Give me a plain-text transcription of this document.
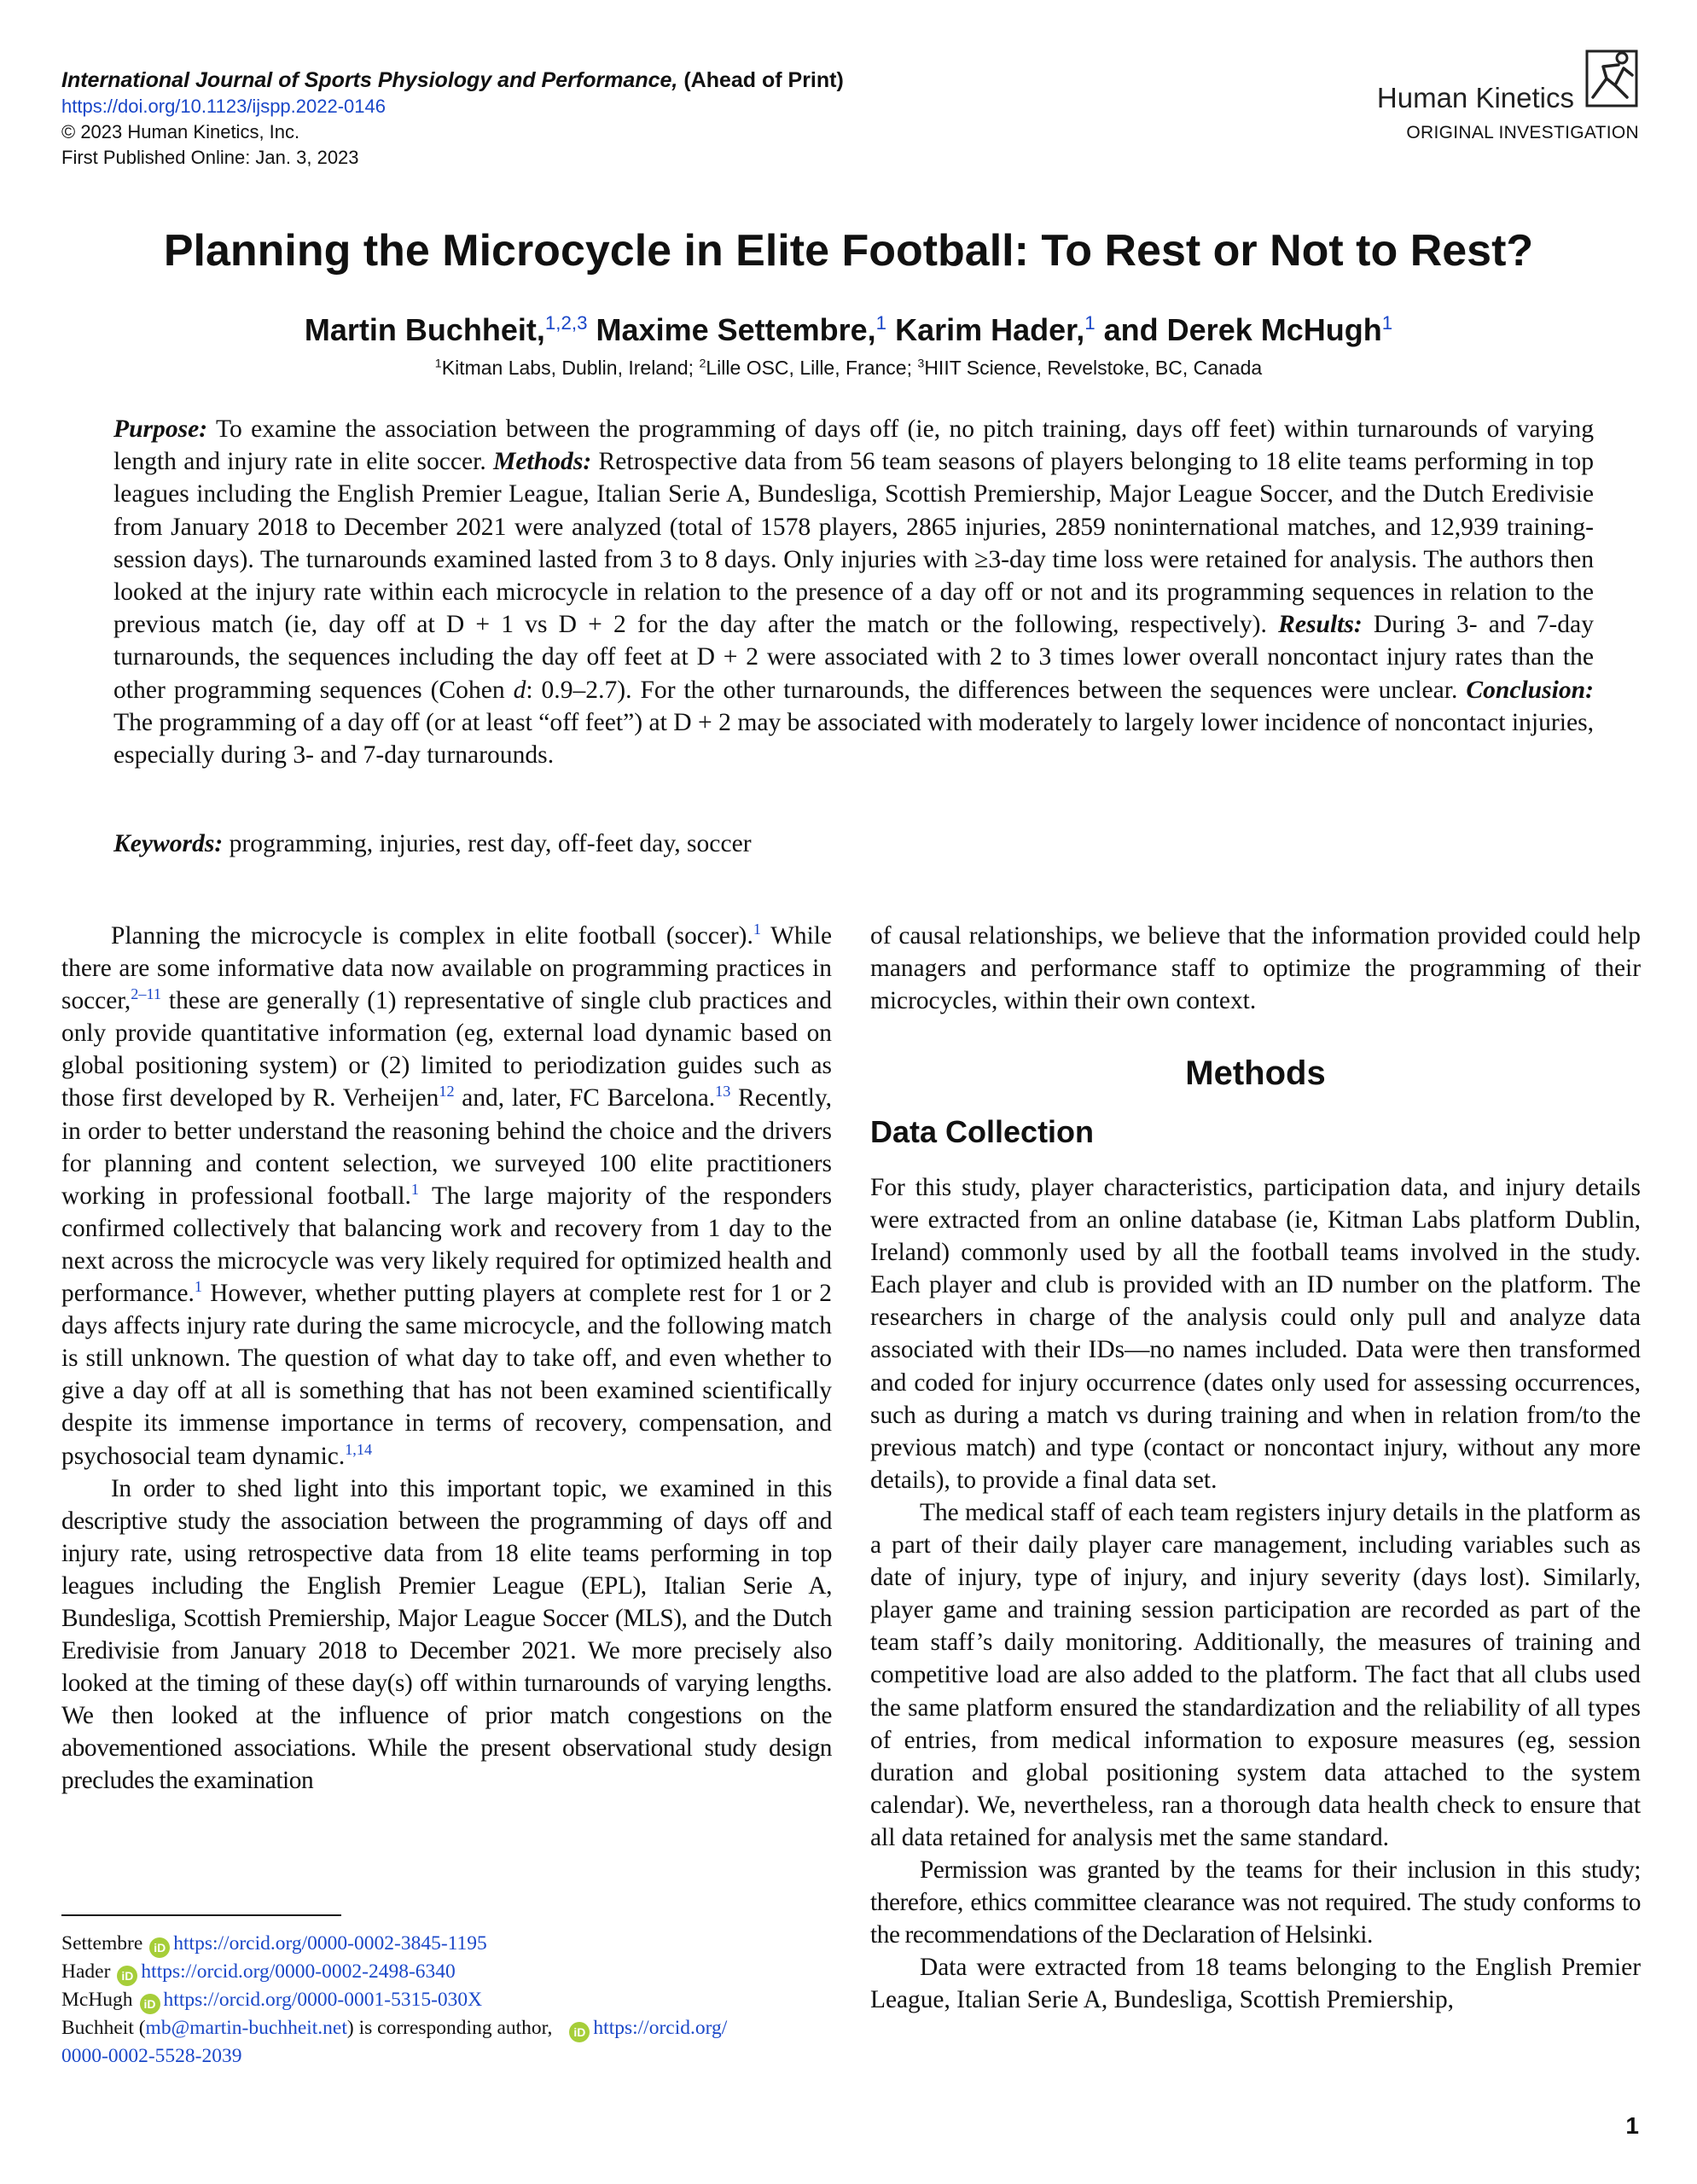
International Journal of Sports Physiology and Performance, (Ahead of Print)
https://doi.org/10.1123/ijspp.2022-0146
© 2023 Human Kinetics, Inc.
First Published Online: Jan. 3, 2023
Human Kinetics
ORIGINAL INVESTIGATION
Planning the Microcycle in Elite Football: To Rest or Not to Rest?
Martin Buchheit,$^{1,2,3}$ Maxime Settembre,$^1$ Karim Hader,$^1$ and Derek McHugh$^1$
$^1$Kitman Labs, Dublin, Ireland; $^2$Lille OSC, Lille, France; $^3$HIIT Science, Revelstoke, BC, Canada
Purpose: To examine the association between the programming of days off (ie, no pitch training, days off feet) within turnarounds of varying length and injury rate in elite soccer. Methods: Retrospective data from 56 team seasons of players belonging to 18 elite teams performing in top leagues including the English Premier League, Italian Serie A, Bundesliga, Scottish Premiership, Major League Soccer, and the Dutch Eredivisie from January 2018 to December 2021 were analyzed (total of 1578 players, 2865 injuries, 2859 noninternational matches, and 12,939 training-session days). The turnarounds examined lasted from 3 to 8 days. Only injuries with ≥3-day time loss were retained for analysis. The authors then looked at the injury rate within each microcycle in relation to the presence of a day off or not and its programming sequences in relation to the previous match (ie, day off at D + 1 vs D + 2 for the day after the match or the following, respectively). Results: During 3- and 7-day turnarounds, the sequences including the day off feet at D + 2 were associated with 2 to 3 times lower overall noncontact injury rates than the other programming sequences (Cohen d: 0.9–2.7). For the other turnarounds, the differences between the sequences were unclear. Conclusion: The programming of a day off (or at least “off feet”) at D + 2 may be associated with moderately to largely lower incidence of noncontact injuries, especially during 3- and 7-day turnarounds.
Keywords: programming, injuries, rest day, off-feet day, soccer

Planning the microcycle is complex in elite football (soccer).$^1$ While there are some informative data now available on programming practices in soccer,$^{2-11}$ these are generally (1) representative of single club practices and only provide quantitative information (eg, external load dynamic based on global positioning system) or (2) limited to periodization guides such as those first developed by R. Verheijen$^{12}$ and, later, FC Barcelona.$^{13}$ Recently, in order to better understand the reasoning behind the choice and the drivers for planning and content selection, we surveyed 100 elite practitioners working in professional football.$^1$ The large majority of the responders confirmed collectively that balancing work and recovery from 1 day to the next across the microcycle was very likely required for optimized health and performance.$^1$ However, whether putting players at complete rest for 1 or 2 days affects injury rate during the same microcycle, and the following match is still unknown. The question of what day to take off, and even whether to give a day off at all is something that has not been examined scientifically despite its immense importance in terms of recovery, compensation, and psychosocial team dynamic.$^{1,14}$

In order to shed light into this important topic, we examined in this descriptive study the association between the programming of days off and injury rate, using retrospective data from 18 elite teams performing in top leagues including the English Premier League (EPL), Italian Serie A, Bundesliga, Scottish Premiership, Major League Soccer (MLS), and the Dutch Eredivisie from January 2018 to December 2021. We more precisely also looked at the timing of these day(s) off within turnarounds of varying lengths. We then looked at the influence of prior match congestions on the abovementioned associations. While the present observational study design precludes the examination

of causal relationships, we believe that the information provided could help managers and performance staff to optimize the programming of their microcycles, within their own context.

Methods
Data Collection

For this study, player characteristics, participation data, and injury details were extracted from an online database (ie, Kitman Labs platform Dublin, Ireland) commonly used by all the football teams involved in the study. Each player and club is provided with an ID number on the platform. The researchers in charge of the analysis could only pull and analyze data associated with their IDs—no names included. Data were then transformed and coded for injury occurrence (dates only used for assessing occurrences, such as during a match vs during training and when in relation from/to the previous match) and type (contact or noncontact injury, without any more details), to provide a final data set.

The medical staff of each team registers injury details in the platform as a part of their daily player care management, including variables such as date of injury, type of injury, and injury severity (days lost). Similarly, player game and training session participation are recorded as part of the team staff’s daily monitoring. Additionally, the measures of training and competitive load are also added to the platform. The fact that all clubs used the same platform ensured the standardization and the reliability of all types of entries, from medical information to exposure measures (eg, session duration and global positioning system data attached to the system calendar). We, nevertheless, ran a thorough data health check to ensure that all data retained for analysis met the same standard.

Permission was granted by the teams for their inclusion in this study; therefore, ethics committee clearance was not required. The study conforms to the recommendations of the Declaration of Helsinki.

Data were extracted from 18 teams belonging to the English Premier League, Italian Serie A, Bundesliga, Scottish Premiership,

Settembre iD https://orcid.org/0000-0002-3845-1195
Hader iD https://orcid.org/0000-0002-2498-6340
McHugh iD https://orcid.org/0000-0001-5315-030X
Buchheit (mb@martin-buchheit.net) is corresponding author, iD https://orcid.org/
0000-0002-5528-2039
1
